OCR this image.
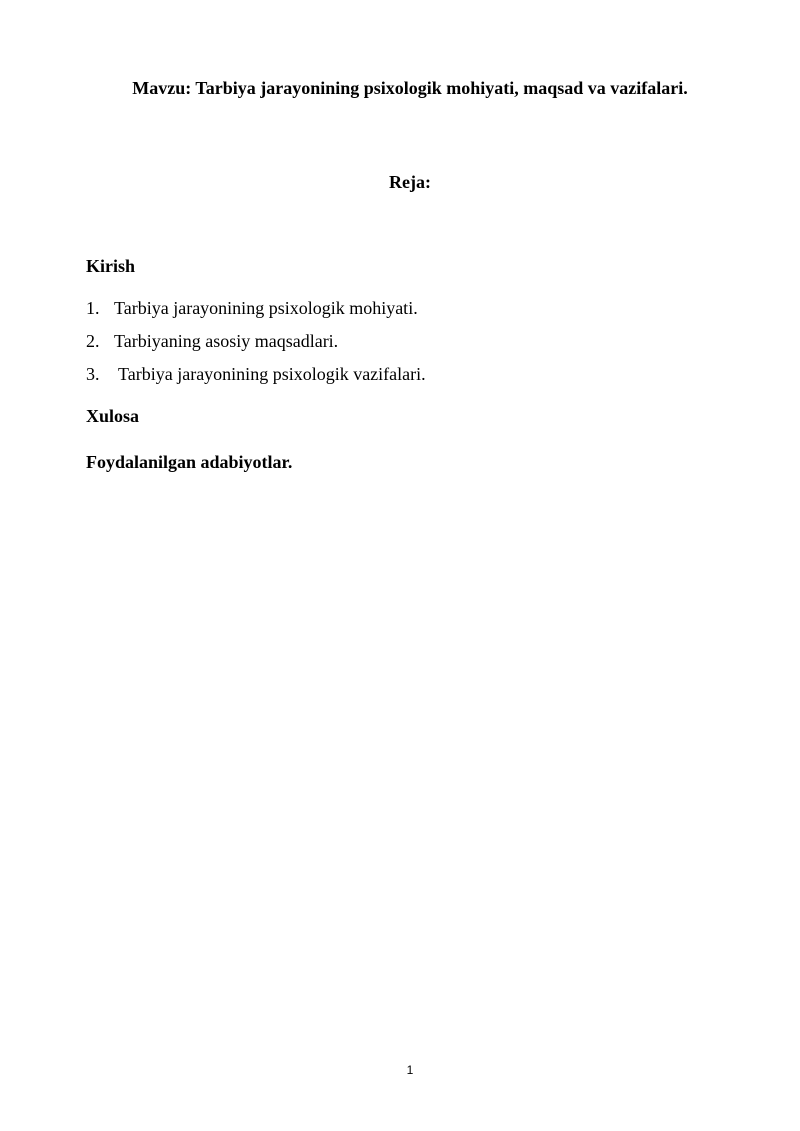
Mavzu: Tarbiya jarayonining psixologik mohiyati, maqsad va vazifalari.
Reja:
Kirish
1. Tarbiya jarayonining psixologik mohiyati.
2. Tarbiyaning asosiy maqsadlari.
3. Tarbiya jarayonining psixologik vazifalari.
Xulosa
Foydalanilgan adabiyotlar.
1
